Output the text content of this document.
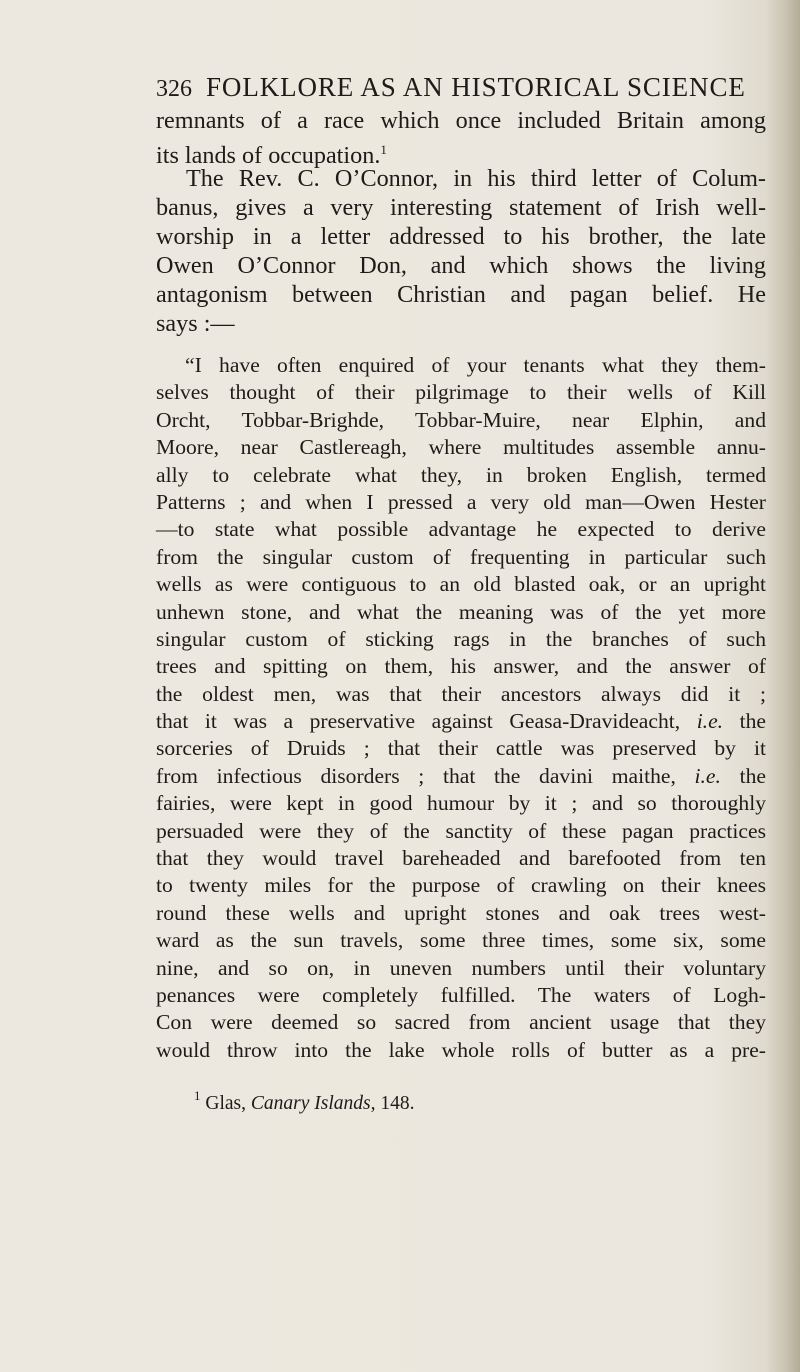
326 FOLKLORE AS AN HISTORICAL SCIENCE
remnants of a race which once included Britain among
its lands of occupation.$^1$
The Rev. C. O’Connor, in his third letter of Colum-
banus, gives a very interesting statement of Irish well-
worship in a letter addressed to his brother, the late
Owen O’Connor Don, and which shows the living
antagonism between Christian and pagan belief. He
says :—
“I have often enquired of your tenants what they them-
selves thought of their pilgrimage to their wells of Kill
Orcht, Tobbar-Brighde, Tobbar-Muire, near Elphin, and
Moore, near Castlereagh, where multitudes assemble annu-
ally to celebrate what they, in broken English, termed
Patterns ; and when I pressed a very old man—Owen Hester
—to state what possible advantage he expected to derive
from the singular custom of frequenting in particular such
wells as were contiguous to an old blasted oak, or an upright
unhewn stone, and what the meaning was of the yet more
singular custom of sticking rags in the branches of such
trees and spitting on them, his answer, and the answer of
the oldest men, was that their ancestors always did it ;
that it was a preservative against Geasa-Dravideacht, i.e. the
sorceries of Druids ; that their cattle was preserved by it
from infectious disorders ; that the davini maithe, i.e. the
fairies, were kept in good humour by it ; and so thoroughly
persuaded were they of the sanctity of these pagan practices
that they would travel bareheaded and barefooted from ten
to twenty miles for the purpose of crawling on their knees
round these wells and upright stones and oak trees west-
ward as the sun travels, some three times, some six, some
nine, and so on, in uneven numbers until their voluntary
penances were completely fulfilled. The waters of Logh-
Con were deemed so sacred from ancient usage that they
would throw into the lake whole rolls of butter as a pre-
$^1$ Glas, Canary Islands, 148.
